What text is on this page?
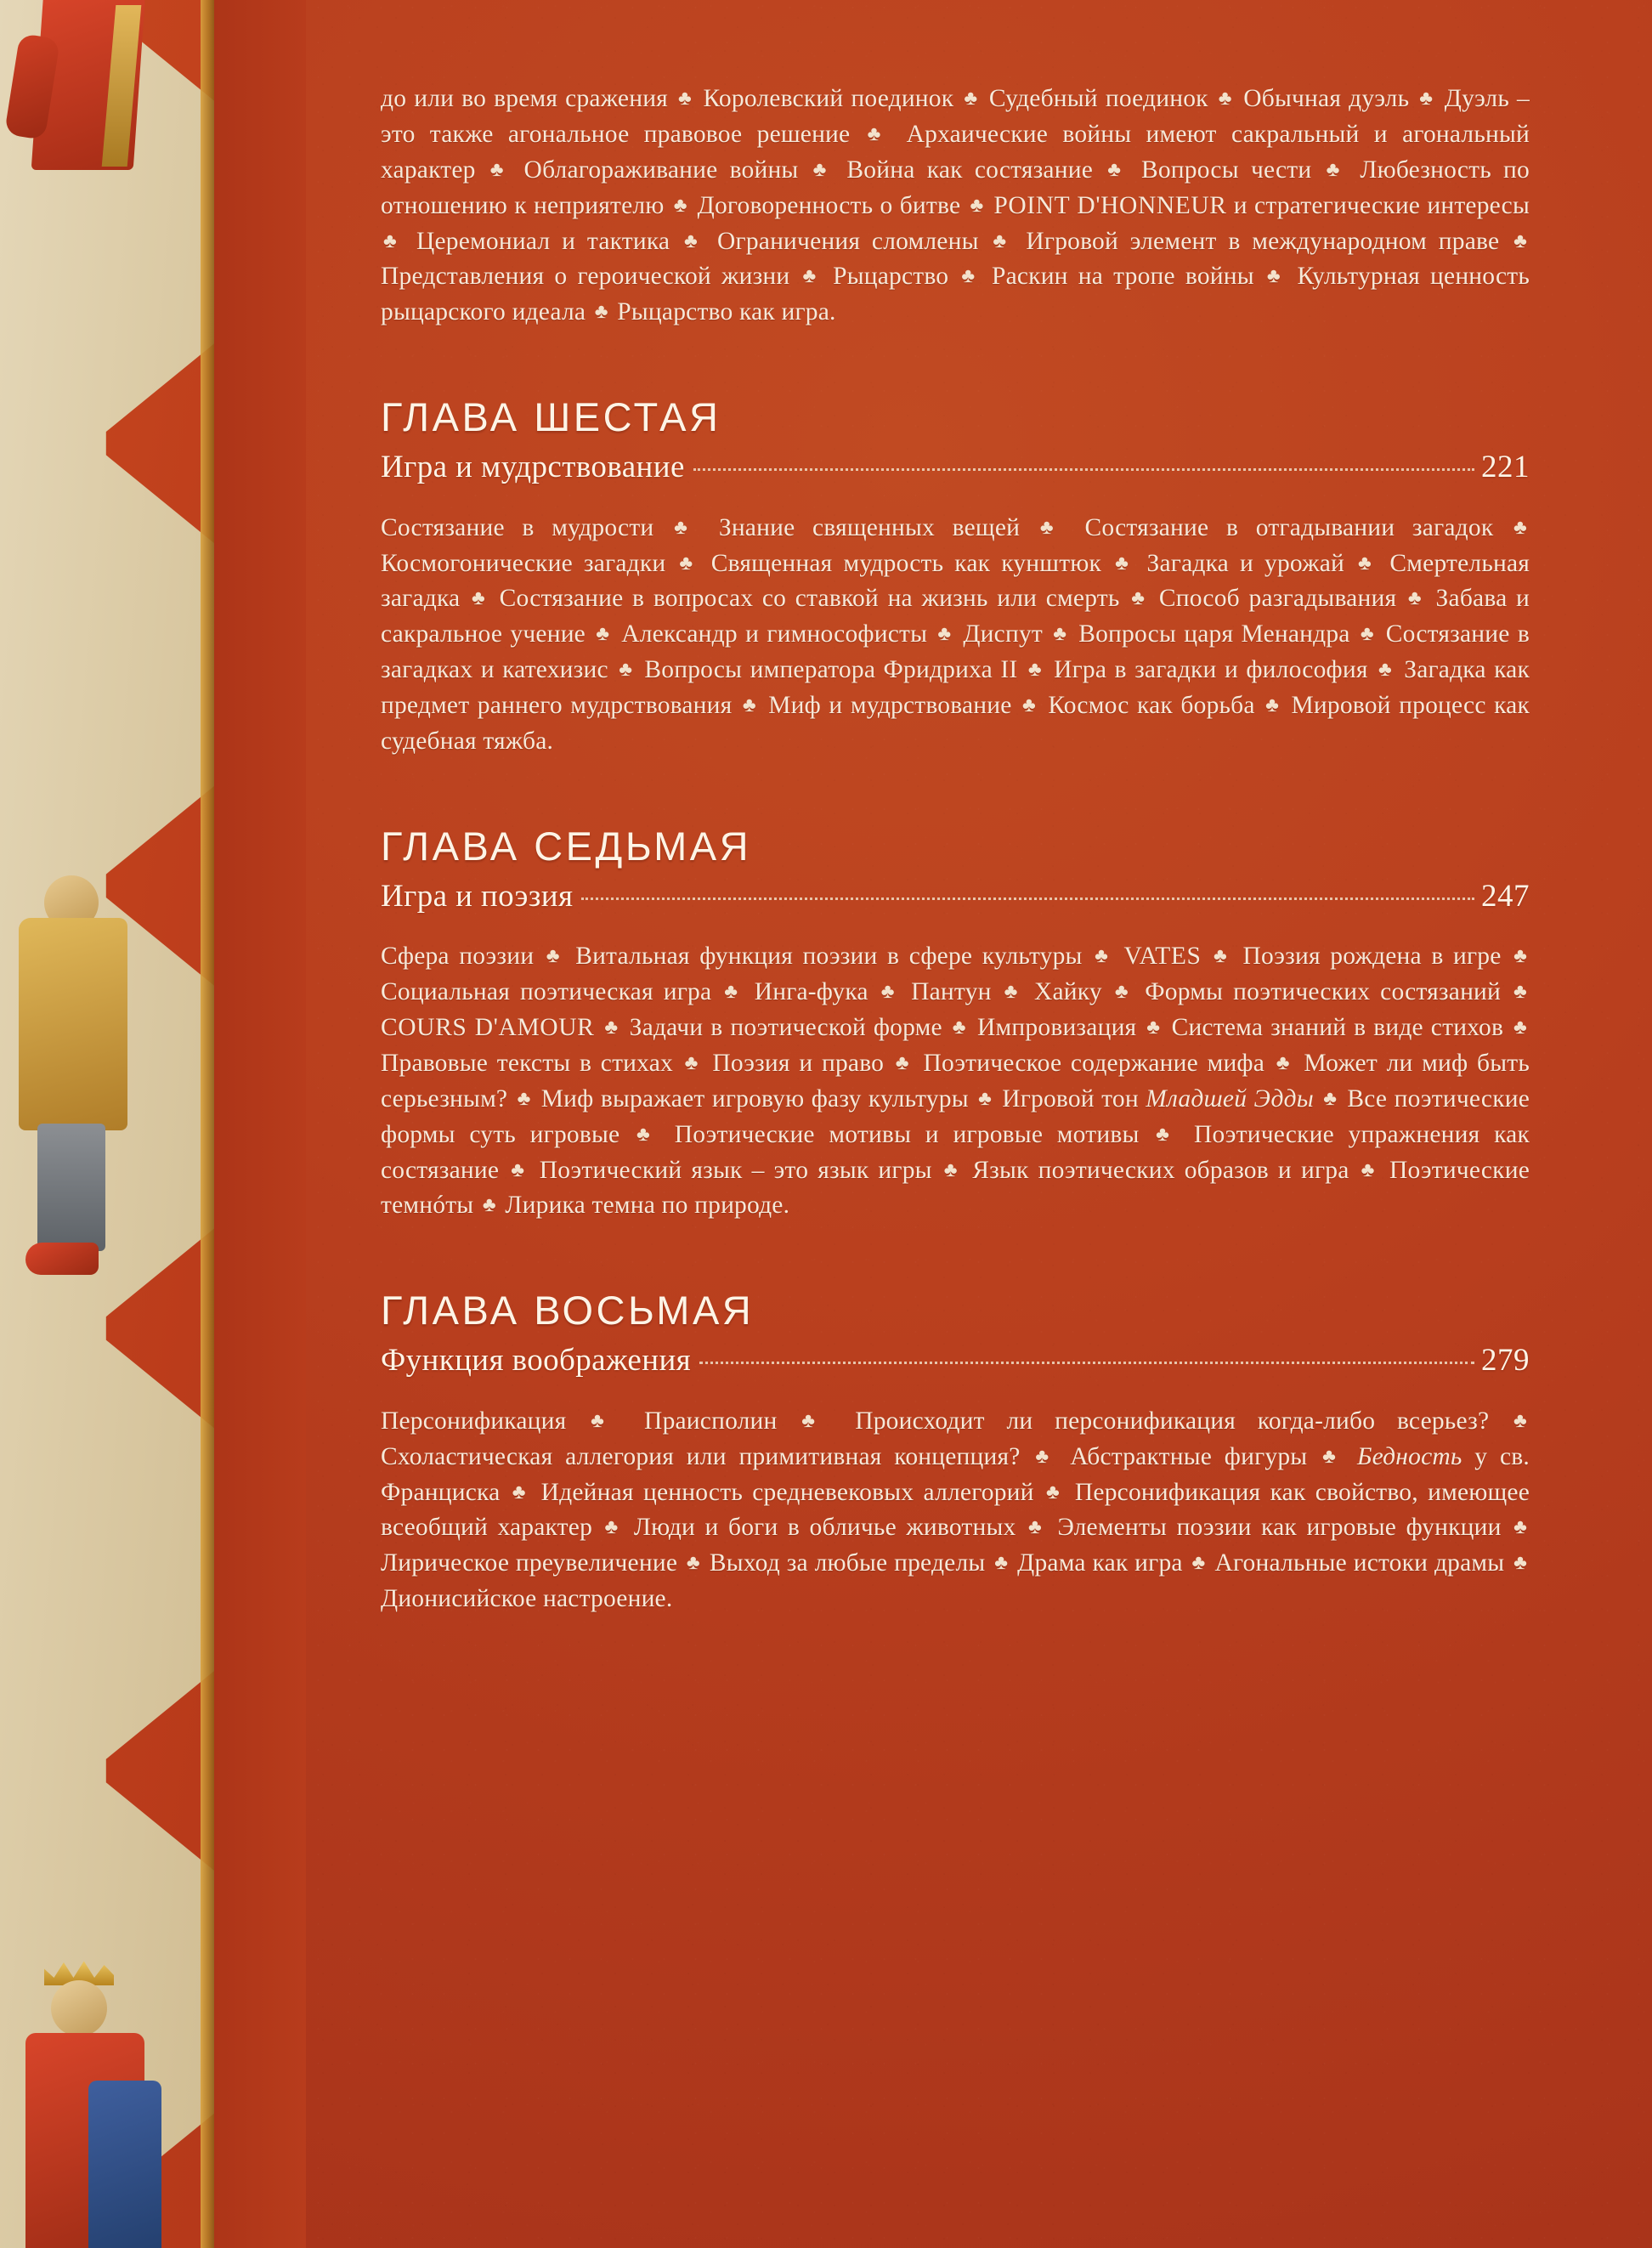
до или во время сражения ♣ Королевский поединок ♣ Судебный поединок ♣ Обычная дуэль ♣ Дуэль – это также агональное правовое решение ♣ Архаические войны имеют сакральный и агональный характер ♣ Облагораживание войны ♣ Война как состязание ♣ Вопросы чести ♣ Любезность по отношению к неприятелю ♣ Договоренность о битве ♣ POINT D'HONNEUR и стратегические интересы ♣ Церемониал и тактика ♣ Ограничения сломлены ♣ Игровой элемент в международном праве ♣ Представления о героической жизни ♣ Рыцарство ♣ Раскин на тропе войны ♣ Культурная ценность рыцарского идеала ♣ Рыцарство как игра.

ГЛАВА ШЕСТАЯ
Игра и мудрствование	221

Состязание в мудрости ♣ Знание священных вещей ♣ Состязание в отгадывании загадок ♣ Космогонические загадки ♣ Священная мудрость как кунштюк ♣ Загадка и урожай ♣ Смертельная загадка ♣ Состязание в вопросах со ставкой на жизнь или смерть ♣ Способ разгадывания ♣ Забава и сакральное учение ♣ Александр и гимнософисты ♣ Диспут ♣ Вопросы царя Менандра ♣ Состязание в загадках и катехизис ♣ Вопросы императора Фридриха II ♣ Игра в загадки и философия ♣ Загадка как предмет раннего мудрствования ♣ Миф и мудрствование ♣ Космос как борьба ♣ Мировой процесс как судебная тяжба.

ГЛАВА СЕДЬМАЯ
Игра и поэзия	247

Сфера поэзии ♣ Витальная функция поэзии в сфере культуры ♣ VATES ♣ Поэзия рождена в игре ♣ Социальная поэтическая игра ♣ Инга-фука ♣ Пантун ♣ Хайку ♣ Формы поэтических состязаний ♣ COURS D'AMOUR ♣ Задачи в поэтической форме ♣ Импровизация ♣ Система знаний в виде стихов ♣ Правовые тексты в стихах ♣ Поэзия и право ♣ Поэтическое содержание мифа ♣ Может ли миф быть серьезным? ♣ Миф выражает игровую фазу культуры ♣ Игровой тон Младшей Эдды ♣ Все поэтические формы суть игровые ♣ Поэтические мотивы и игровые мотивы ♣ Поэтические упражнения как состязание ♣ Поэтический язык – это язык игры ♣ Язык поэтических образов и игра ♣ Поэтические темнóты ♣ Лирика темна по природе.

ГЛАВА ВОСЬМАЯ
Функция воображения	279

Персонификация ♣ Праисполин ♣ Происходит ли персонификация когда-либо всерьез? ♣ Схоластическая аллегория или примитивная концепция? ♣ Абстрактные фигуры ♣ Бедность у св. Франциска ♣ Идейная ценность средневековых аллегорий ♣ Персонификация как свойство, имеющее всеобщий характер ♣ Люди и боги в обличье животных ♣ Элементы поэзии как игровые функции ♣ Лирическое преувеличение ♣ Выход за любые пределы ♣ Драма как игра ♣ Агональные истоки драмы ♣ Дионисийское настроение.
